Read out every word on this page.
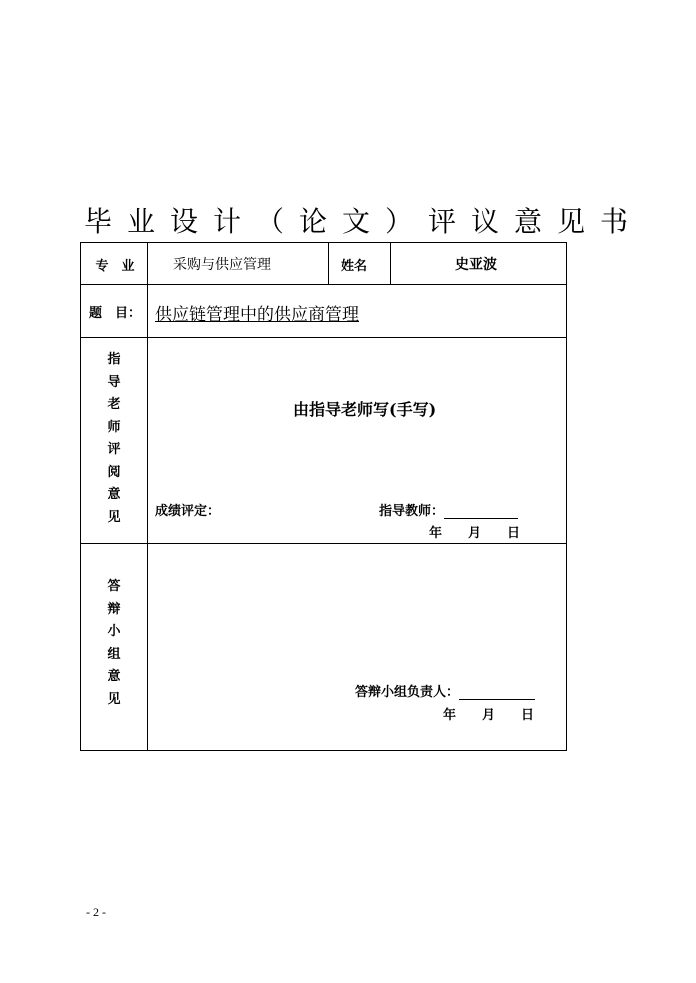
毕业设计（论文）评议意见书
专　业	采购与供应管理	姓名	史亚波
题　目： 供应链管理中的供应商管理
指导老师评阅意见
由指导老师写(手写)
成绩评定：	指导教师：
年　　月　　日
答辩小组意见	答辩小组负责人：
年　　月　　日
- 2 -
